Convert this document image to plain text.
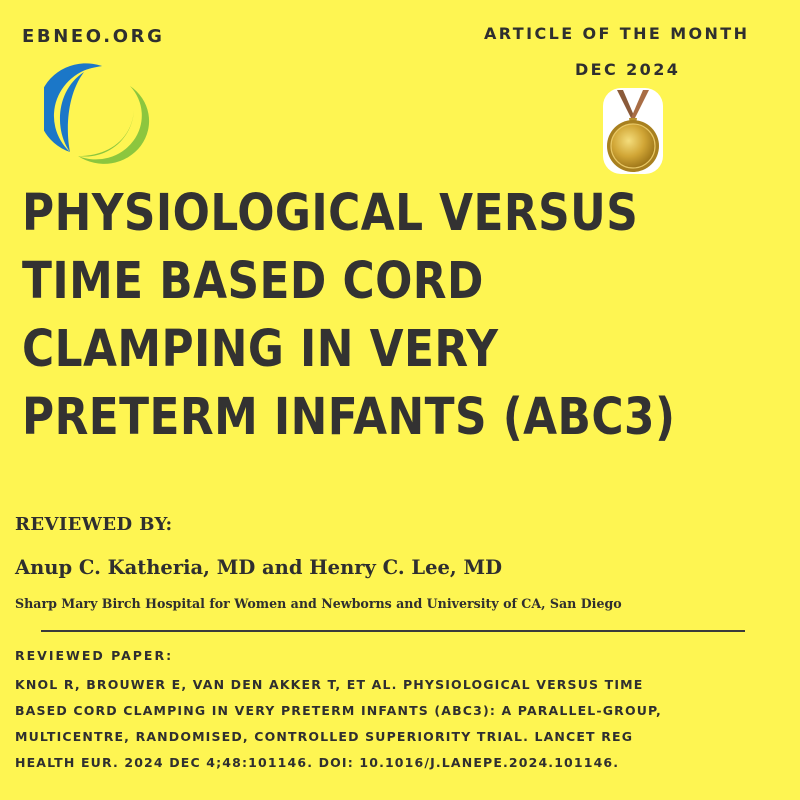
EBNEO.ORG	ARTICLE OF THE MONTH
DEC 2024
PHYSIOLOGICAL VERSUS
TIME BASED CORD
CLAMPING IN VERY
PRETERM INFANTS (ABC3)
REVIEWED BY:
Anup C. Katheria, MD and Henry C. Lee, MD
Sharp Mary Birch Hospital for Women and Newborns and University of CA, San Diego
REVIEWED PAPER:
KNOL R, BROUWER E, VAN DEN AKKER T, ET AL. PHYSIOLOGICAL VERSUS TIME
BASED CORD CLAMPING IN VERY PRETERM INFANTS (ABC3): A PARALLEL-GROUP,
MULTICENTRE, RANDOMISED, CONTROLLED SUPERIORITY TRIAL. LANCET REG
HEALTH EUR. 2024 DEC 4;48:101146. DOI: 10.1016/J.LANEPE.2024.101146.
